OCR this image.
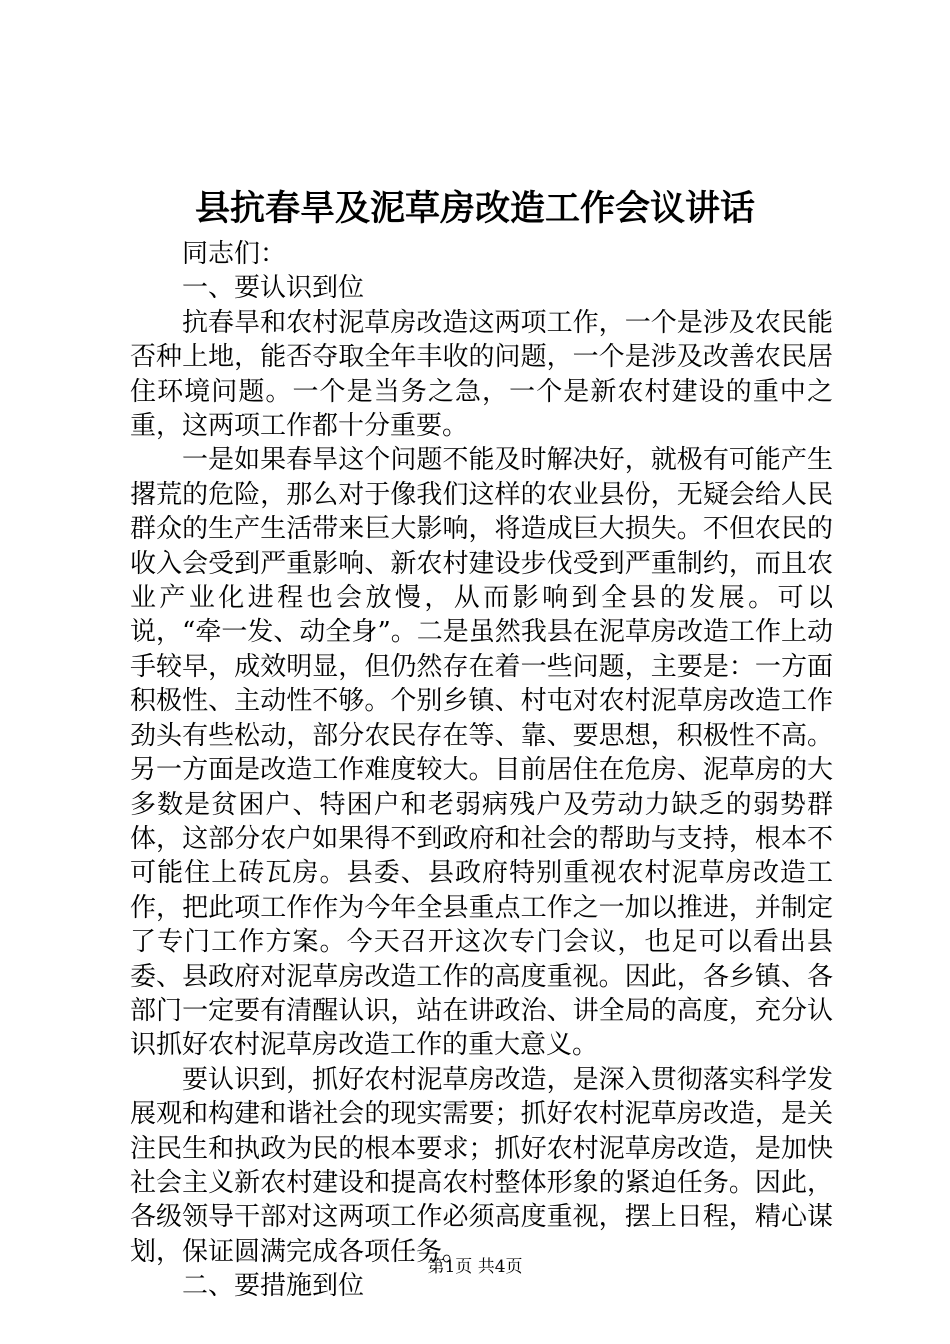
县抗春旱及泥草房改造工作会议讲话

同志们：

一、要认识到位

抗春旱和农村泥草房改造这两项工作，一个是涉及农民能否种上地，能否夺取全年丰收的问题，一个是涉及改善农民居住环境问题。一个是当务之急，一个是新农村建设的重中之重，这两项工作都十分重要。

一是如果春旱这个问题不能及时解决好，就极有可能产生撂荒的危险，那么对于像我们这样的农业县份，无疑会给人民群众的生产生活带来巨大影响，将造成巨大损失。不但农民的收入会受到严重影响、新农村建设步伐受到严重制约，而且农业产业化进程也会放慢，从而影响到全县的发展。可以说，“牵一发、动全身”。二是虽然我县在泥草房改造工作上动手较早，成效明显，但仍然存在着一些问题，主要是：一方面积极性、主动性不够。个别乡镇、村屯对农村泥草房改造工作劲头有些松动，部分农民存在等、靠、要思想，积极性不高。另一方面是改造工作难度较大。目前居住在危房、泥草房的大多数是贫困户、特困户和老弱病残户及劳动力缺乏的弱势群体，这部分农户如果得不到政府和社会的帮助与支持，根本不可能住上砖瓦房。县委、县政府特别重视农村泥草房改造工作，把此项工作作为今年全县重点工作之一加以推进，并制定了专门工作方案。今天召开这次专门会议，也足可以看出县委、县政府对泥草房改造工作的高度重视。因此，各乡镇、各部门一定要有清醒认识，站在讲政治、讲全局的高度，充分认识抓好农村泥草房改造工作的重大意义。

要认识到，抓好农村泥草房改造，是深入贯彻落实科学发展观和构建和谐社会的现实需要；抓好农村泥草房改造，是关注民生和执政为民的根本要求；抓好农村泥草房改造，是加快社会主义新农村建设和提高农村整体形象的紧迫任务。因此，各级领导干部对这两项工作必须高度重视，摆上日程，精心谋划，保证圆满完成各项任务。

二、要措施到位

第1页 共4页
